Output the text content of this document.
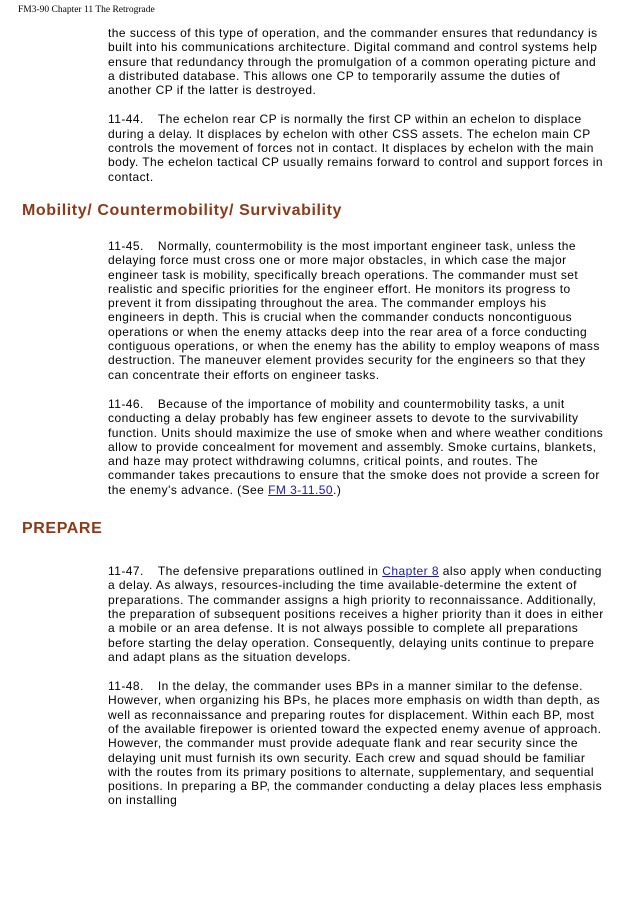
FM3-90 Chapter 11 The Retrograde

the success of this type of operation, and the commander ensures that redundancy is built into his communications architecture. Digital command and control systems help ensure that redundancy through the promulgation of a common operating picture and a distributed database. This allows one CP to temporarily assume the duties of another CP if the latter is destroyed.

11-44. The echelon rear CP is normally the first CP within an echelon to displace during a delay. It displaces by echelon with other CSS assets. The echelon main CP controls the movement of forces not in contact. It displaces by echelon with the main body. The echelon tactical CP usually remains forward to control and support forces in contact.

Mobility/ Countermobility/ Survivability

11-45. Normally, countermobility is the most important engineer task, unless the delaying force must cross one or more major obstacles, in which case the major engineer task is mobility, specifically breach operations. The commander must set realistic and specific priorities for the engineer effort. He monitors its progress to prevent it from dissipating throughout the area. The commander employs his engineers in depth. This is crucial when the commander conducts noncontiguous operations or when the enemy attacks deep into the rear area of a force conducting contiguous operations, or when the enemy has the ability to employ weapons of mass destruction. The maneuver element provides security for the engineers so that they can concentrate their efforts on engineer tasks.

11-46. Because of the importance of mobility and countermobility tasks, a unit conducting a delay probably has few engineer assets to devote to the survivability function. Units should maximize the use of smoke when and where weather conditions allow to provide concealment for movement and assembly. Smoke curtains, blankets, and haze may protect withdrawing columns, critical points, and routes. The commander takes precautions to ensure that the smoke does not provide a screen for the enemy's advance. (See FM 3-11.50.)

PREPARE

11-47. The defensive preparations outlined in Chapter 8 also apply when conducting a delay. As always, resources-including the time available-determine the extent of preparations. The commander assigns a high priority to reconnaissance. Additionally, the preparation of subsequent positions receives a higher priority than it does in either a mobile or an area defense. It is not always possible to complete all preparations before starting the delay operation. Consequently, delaying units continue to prepare and adapt plans as the situation develops.

11-48. In the delay, the commander uses BPs in a manner similar to the defense. However, when organizing his BPs, he places more emphasis on width than depth, as well as reconnaissance and preparing routes for displacement. Within each BP, most of the available firepower is oriented toward the expected enemy avenue of approach. However, the commander must provide adequate flank and rear security since the delaying unit must furnish its own security. Each crew and squad should be familiar with the routes from its primary positions to alternate, supplementary, and sequential positions. In preparing a BP, the commander conducting a delay places less emphasis on installing
